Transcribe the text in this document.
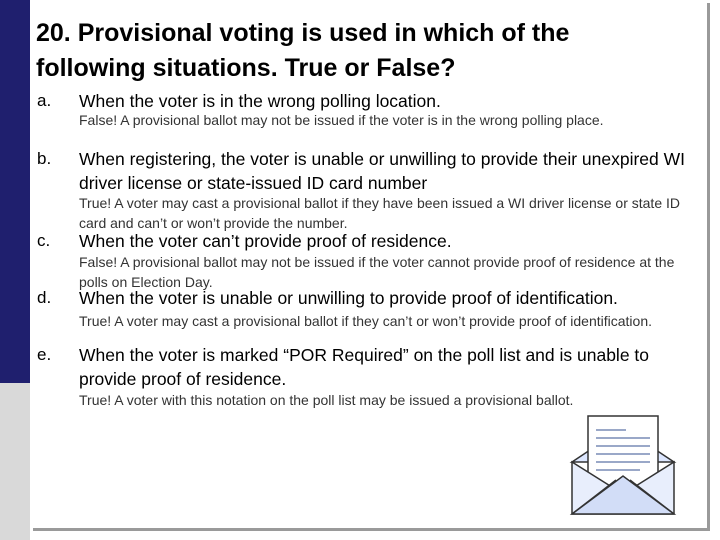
20. Provisional voting is used in which of the
following situations. True or False?
a. When the voter is in the wrong polling location.
False! A provisional ballot may not be issued if the voter is in the wrong polling place.
b. When registering, the voter is unable or unwilling to provide their unexpired WI driver license or state-issued ID card number
True! A voter may cast a provisional ballot if they have been issued a WI driver license or state ID card and can’t or won’t provide the number.
c. When the voter can’t provide proof of residence.
False! A provisional ballot may not be issued if the voter cannot provide proof of residence at the polls on Election Day.
d. When the voter is unable or unwilling to provide proof of identification.
True! A voter may cast a provisional ballot if they can’t or won’t provide proof of identification.
e. When the voter is marked “POR Required” on the poll list and is unable to provide proof of residence.
True! A voter with this notation on the poll list may be issued a provisional ballot.
